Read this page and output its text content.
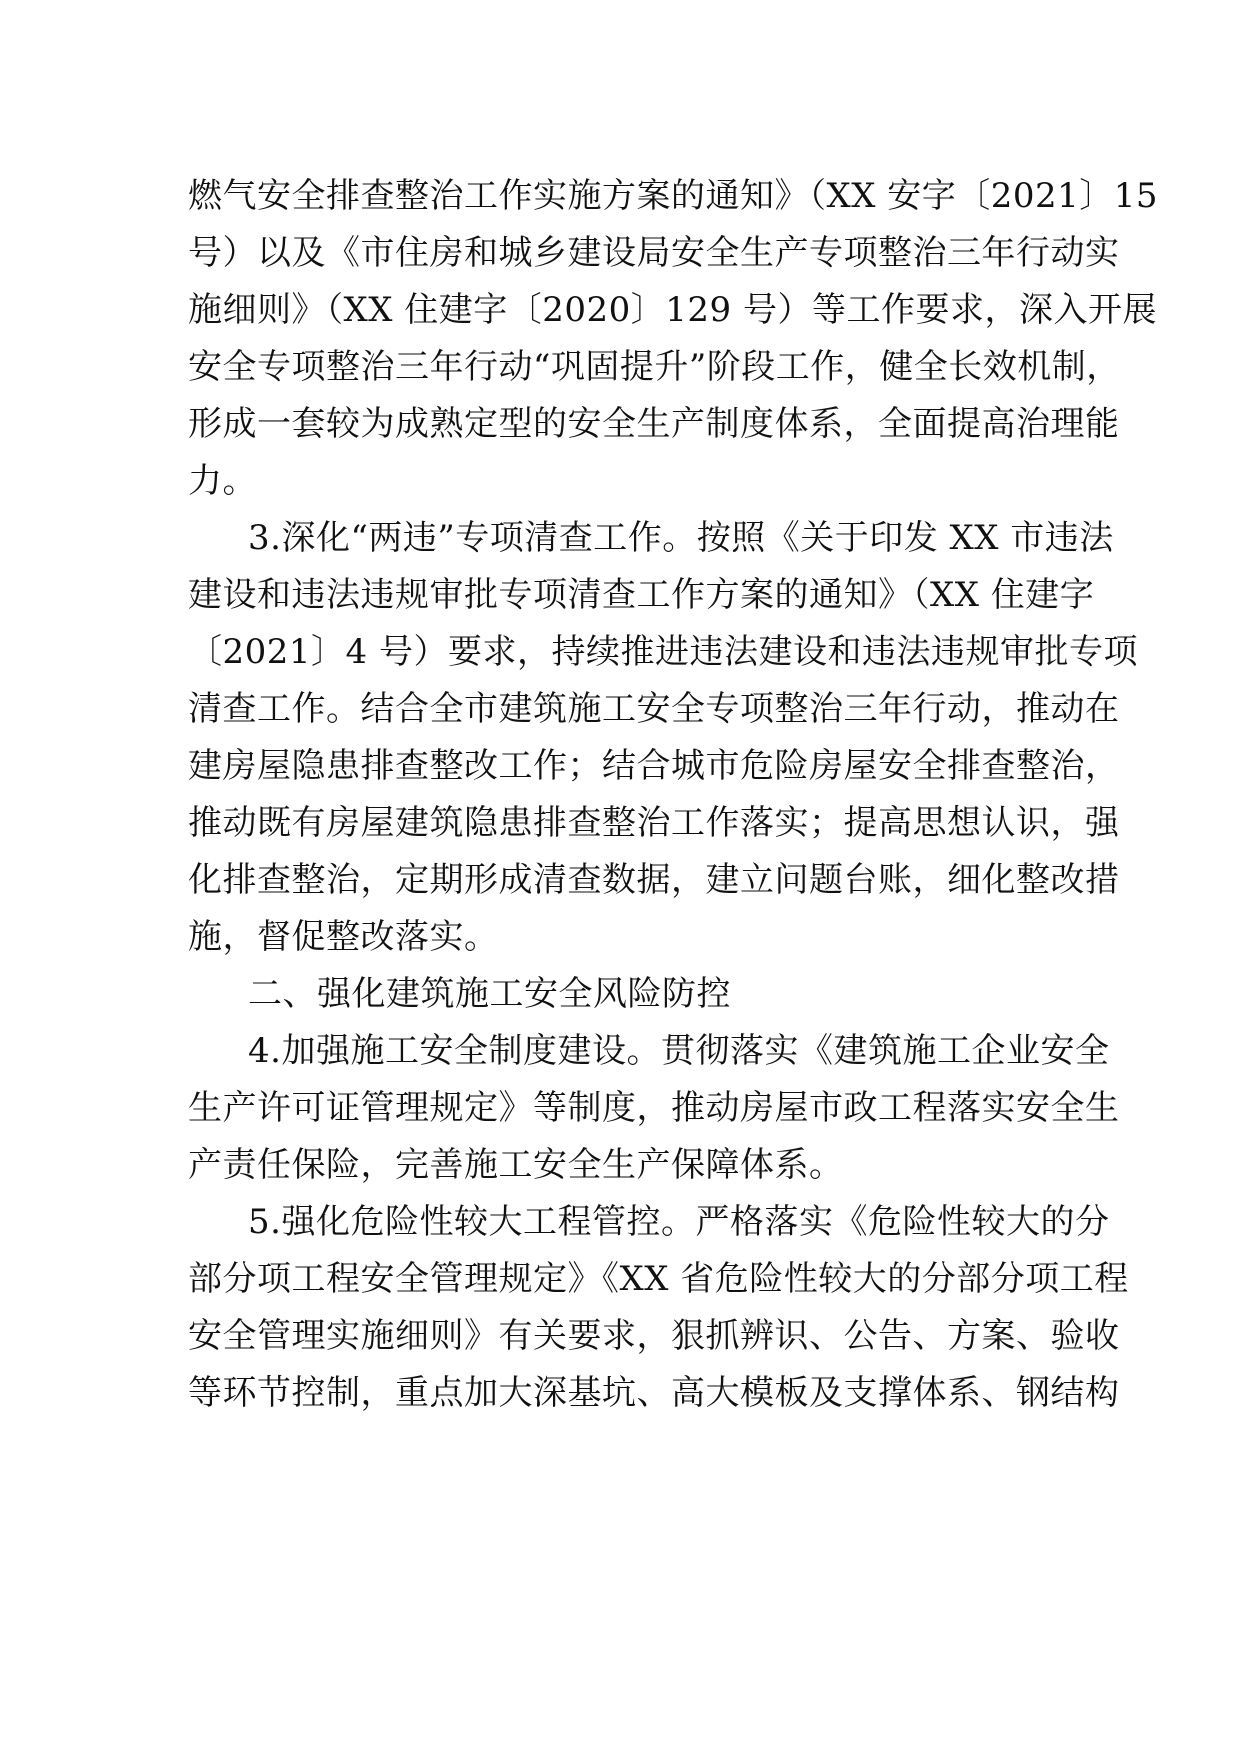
燃气安全排查整治工作实施方案的通知》（XX 安字〔2021〕15
号）以及《市住房和城乡建设局安全生产专项整治三年行动实
施细则》（XX 住建字〔2020〕129 号）等工作要求，深入开展
安全专项整治三年行动“巩固提升”阶段工作，健全长效机制，
形成一套较为成熟定型的安全生产制度体系，全面提高治理能
力。
3.深化“两违”专项清查工作。按照《关于印发 XX 市违法
建设和违法违规审批专项清查工作方案的通知》（XX 住建字
〔2021〕4 号）要求，持续推进违法建设和违法违规审批专项
清查工作。结合全市建筑施工安全专项整治三年行动，推动在
建房屋隐患排查整改工作；结合城市危险房屋安全排查整治，
推动既有房屋建筑隐患排查整治工作落实；提高思想认识，强
化排查整治，定期形成清查数据，建立问题台账，细化整改措
施，督促整改落实。
二、强化建筑施工安全风险防控
4.加强施工安全制度建设。贯彻落实《建筑施工企业安全
生产许可证管理规定》等制度，推动房屋市政工程落实安全生
产责任保险，完善施工安全生产保障体系。
5.强化危险性较大工程管控。严格落实《危险性较大的分
部分项工程安全管理规定》《XX 省危险性较大的分部分项工程
安全管理实施细则》有关要求，狠抓辨识、公告、方案、验收
等环节控制，重点加大深基坑、高大模板及支撑体系、钢结构
